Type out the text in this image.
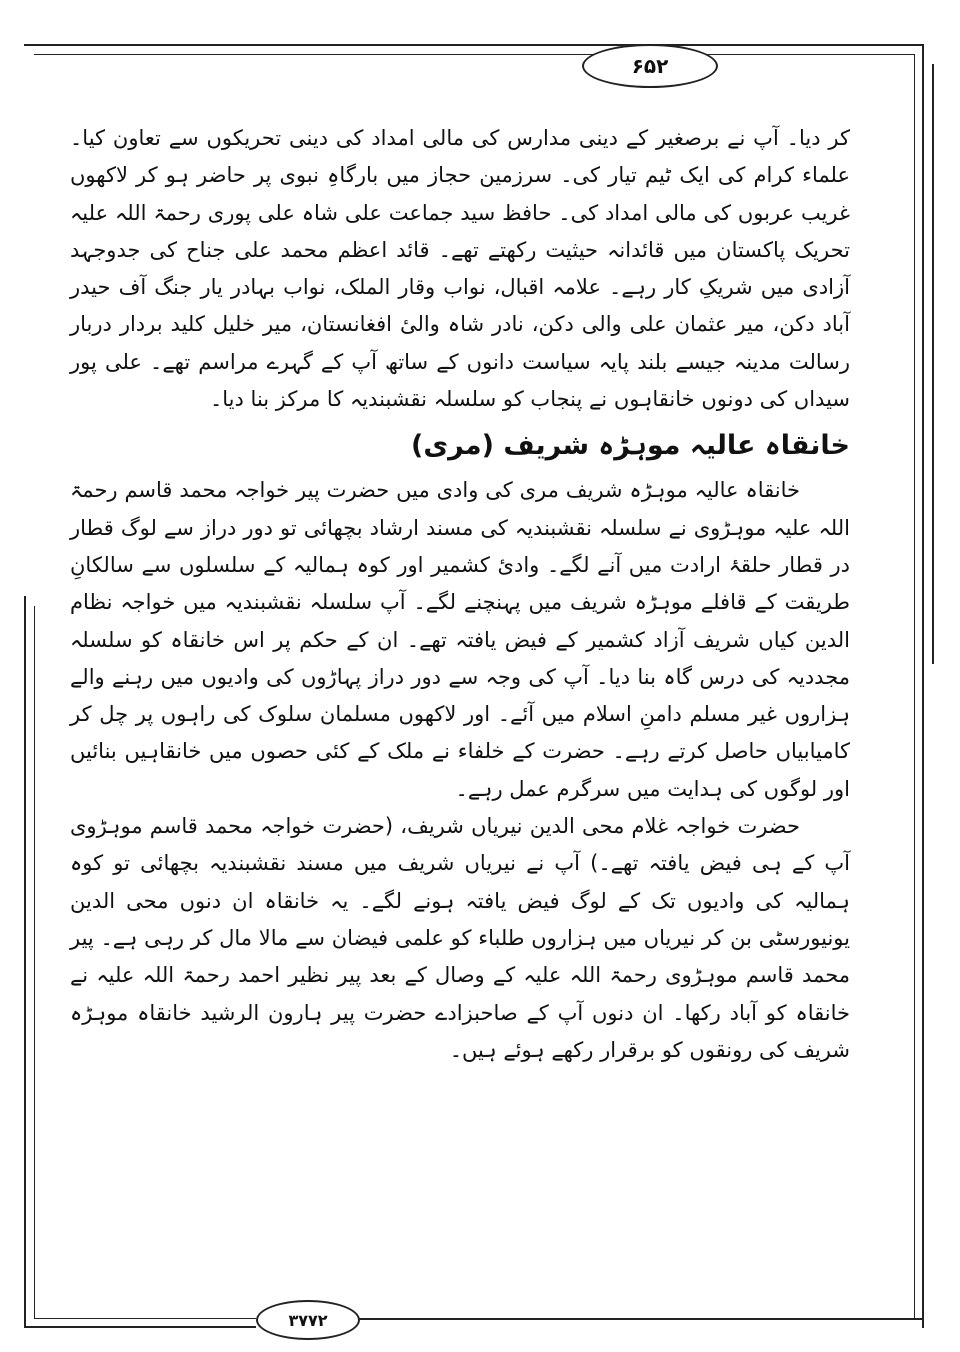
۶۵۲

کر دیا۔ آپ نے برصغیر کے دینی مدارس کی مالی امداد کی دینی تحریکوں سے تعاون کیا۔ علماء کرام کی ایک ٹیم تیار کی۔ سرزمین حجاز میں بارگاہِ نبوی پر حاضر ہو کر لاکھوں غریب عربوں کی مالی امداد کی۔ حافظ سید جماعت علی شاہ علی پوری رحمۃ اللہ علیہ تحریک پاکستان میں قائدانہ حیثیت رکھتے تھے۔ قائد اعظم محمد علی جناح کی جدوجہد آزادی میں شریکِ کار رہے۔ علامہ اقبال، نواب وقار الملک، نواب بہادر یار جنگ آف حیدر آباد دکن، میر عثمان علی والی دکن، نادر شاہ والیٔ افغانستان، میر خلیل کلید بردار دربار رسالت مدینہ جیسے بلند پایہ سیاست دانوں کے ساتھ آپ کے گہرے مراسم تھے۔ علی پور سیداں کی دونوں خانقاہوں نے پنجاب کو سلسلہ نقشبندیہ کا مرکز بنا دیا۔

خانقاہ عالیہ موہڑہ شریف (مری)

خانقاہ عالیہ موہڑہ شریف مری کی وادی میں حضرت پیر خواجہ محمد قاسم رحمۃ اللہ علیہ موہڑوی نے سلسلہ نقشبندیہ کی مسند ارشاد بچھائی تو دور دراز سے لوگ قطار در قطار حلقۂ ارادت میں آنے لگے۔ وادیٔ کشمیر اور کوہ ہمالیہ کے سلسلوں سے سالکانِ طریقت کے قافلے موہڑہ شریف میں پہنچنے لگے۔ آپ سلسلہ نقشبندیہ میں خواجہ نظام الدین کیاں شریف آزاد کشمیر کے فیض یافتہ تھے۔ ان کے حکم پر اس خانقاہ کو سلسلہ مجددیہ کی درس گاہ بنا دیا۔ آپ کی وجہ سے دور دراز پہاڑوں کی وادیوں میں رہنے والے ہزاروں غیر مسلم دامنِ اسلام میں آئے۔ اور لاکھوں مسلمان سلوک کی راہوں پر چل کر کامیابیاں حاصل کرتے رہے۔ حضرت کے خلفاء نے ملک کے کئی حصوں میں خانقاہیں بنائیں اور لوگوں کی ہدایت میں سرگرم عمل رہے۔

حضرت خواجہ غلام محی الدین نیریاں شریف، (حضرت خواجہ محمد قاسم موہڑوی آپ کے ہی فیض یافتہ تھے۔) آپ نے نیریاں شریف میں مسند نقشبندیہ بچھائی تو کوہ ہمالیہ کی وادیوں تک کے لوگ فیض یافتہ ہونے لگے۔ یہ خانقاہ ان دنوں محی الدین یونیورسٹی بن کر نیریاں میں ہزاروں طلباء کو علمی فیضان سے مالا مال کر رہی ہے۔ پیر محمد قاسم موہڑوی رحمۃ اللہ علیہ کے وصال کے بعد پیر نظیر احمد رحمۃ اللہ علیہ نے خانقاہ کو آباد رکھا۔ ان دنوں آپ کے صاحبزادے حضرت پیر ہارون الرشید خانقاہ موہڑہ شریف کی رونقوں کو برقرار رکھے ہوئے ہیں۔

۳۷۷۲
